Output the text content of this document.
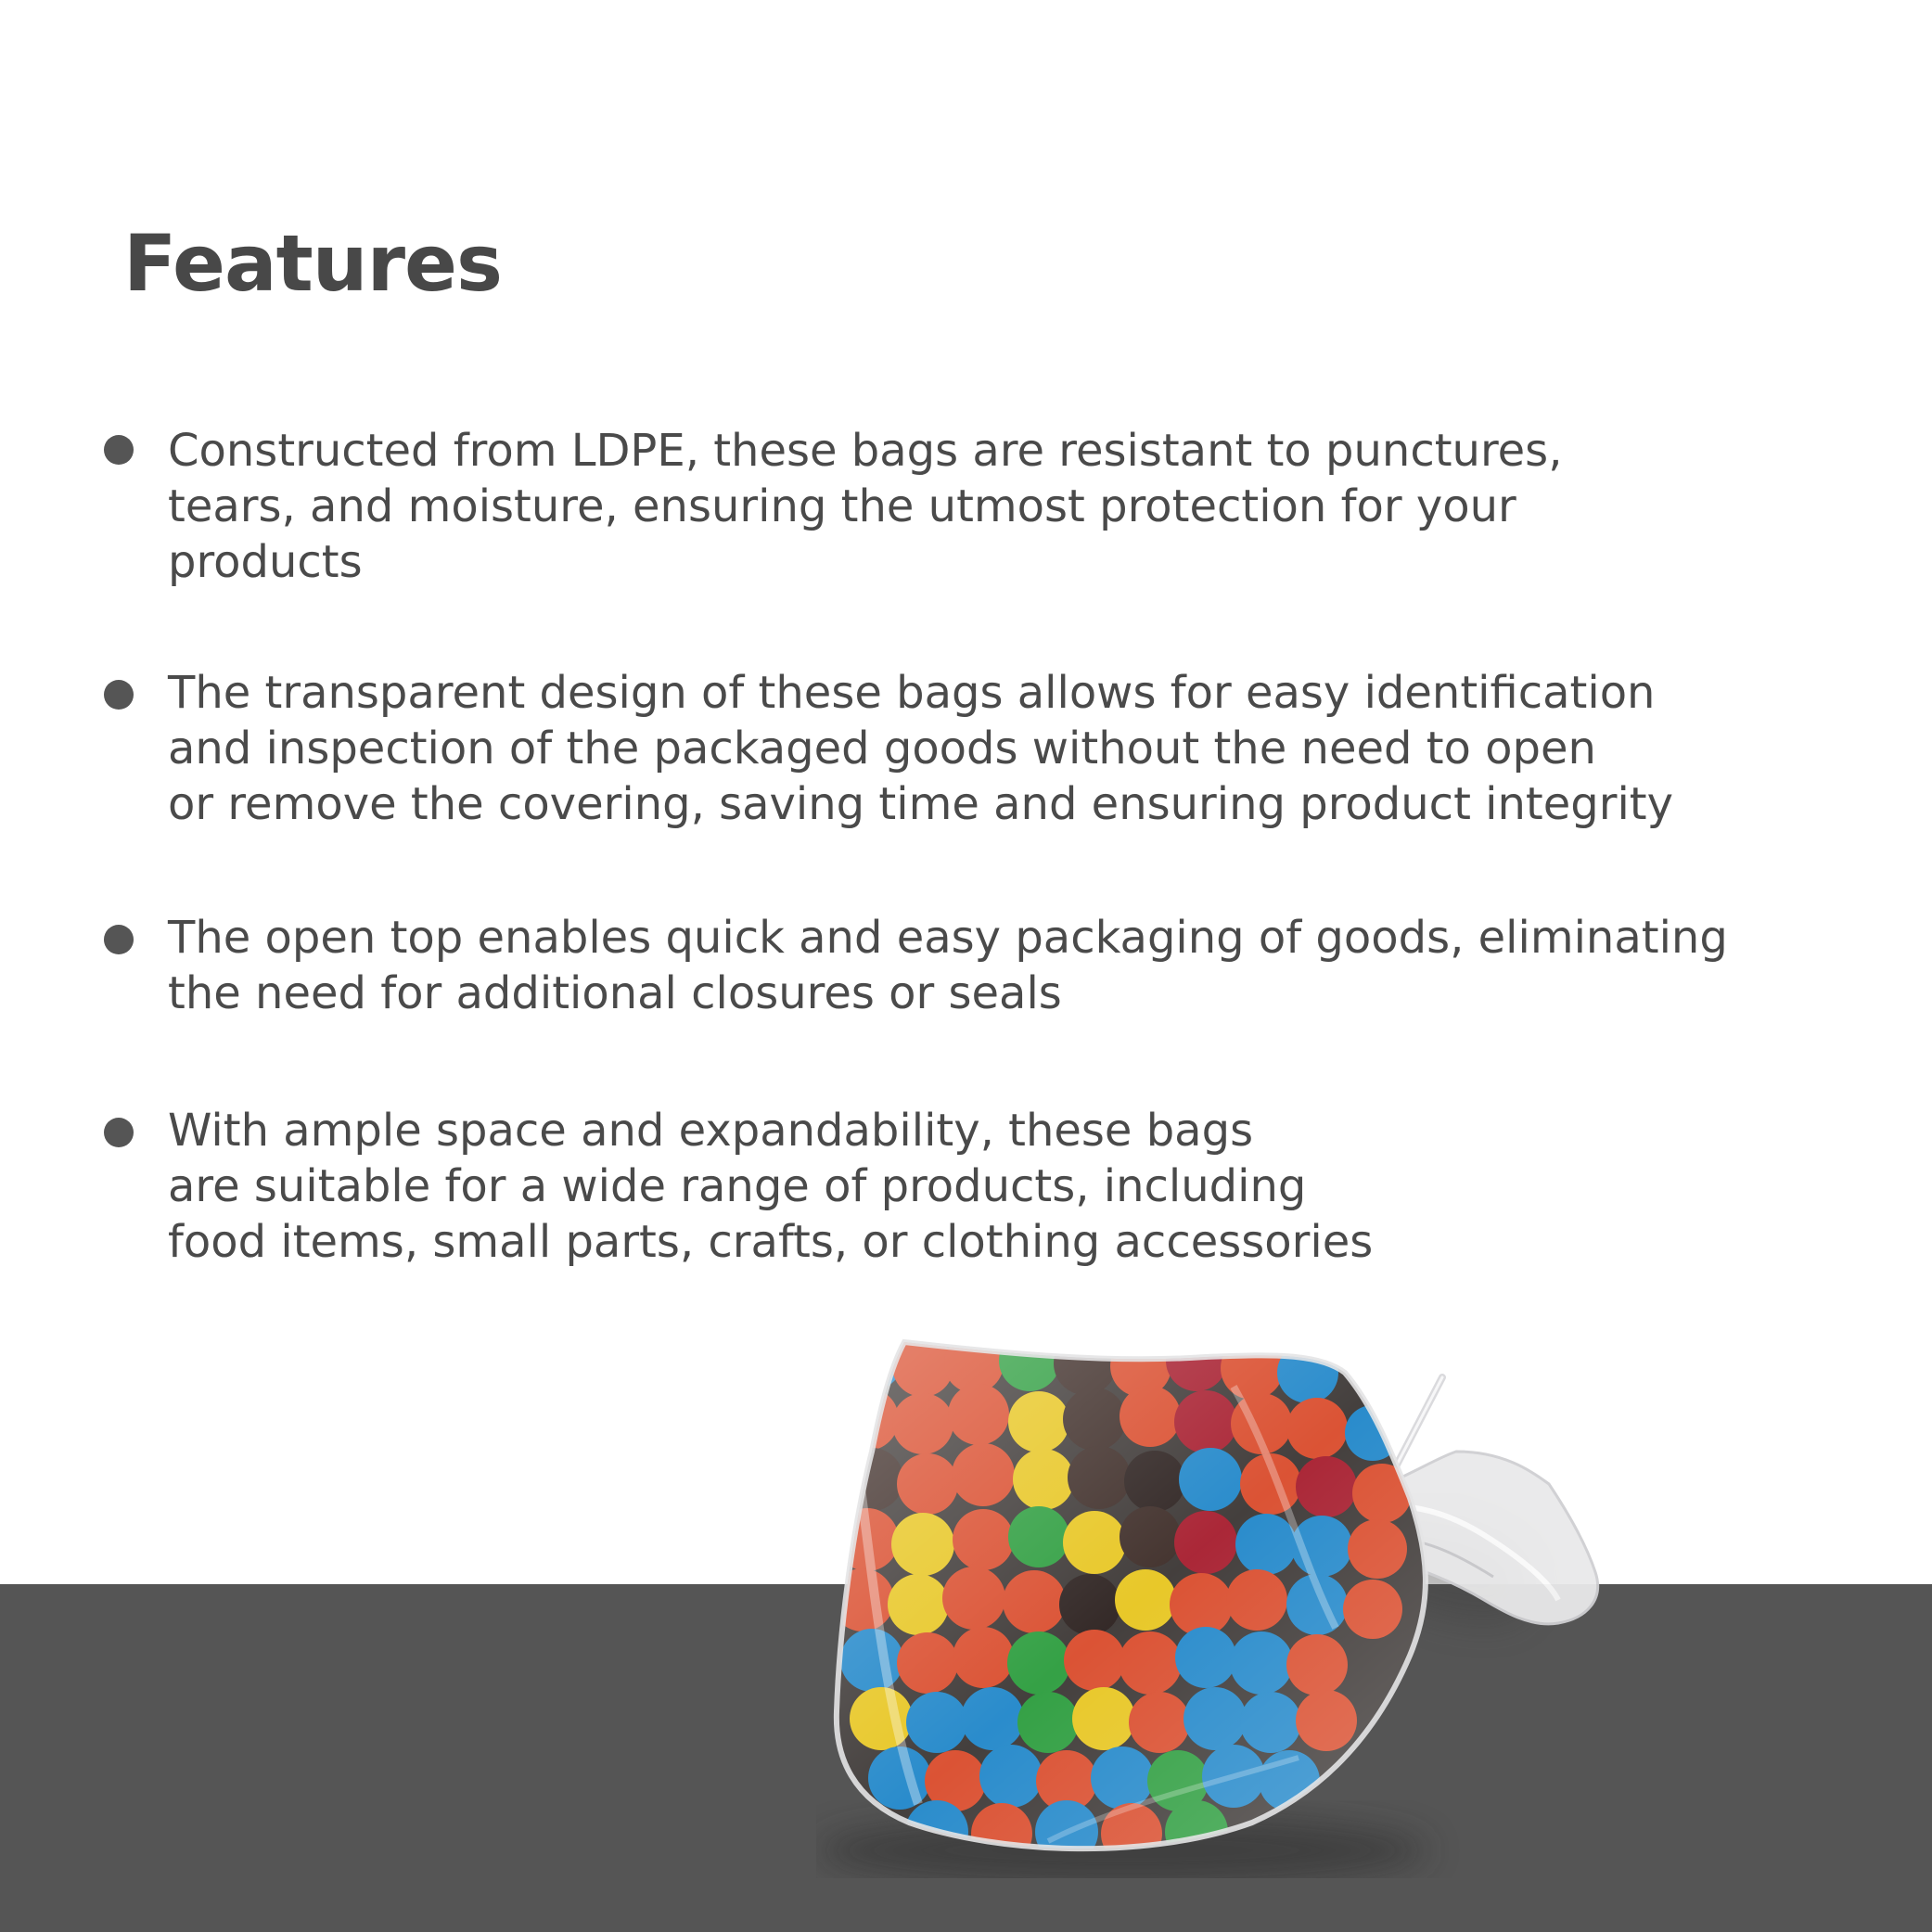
Features
Constructed from LDPE, these bags are resistant to punctures,
tears, and moisture, ensuring the utmost protection for your
products
The transparent design of these bags allows for easy identification
and inspection of the packaged goods without the need to open
or remove the covering, saving time and ensuring product integrity
The open top enables quick and easy packaging of goods, eliminating
the need for additional closures or seals
With ample space and expandability, these bags
are suitable for a wide range of products, including
food items, small parts, crafts, or clothing accessories
